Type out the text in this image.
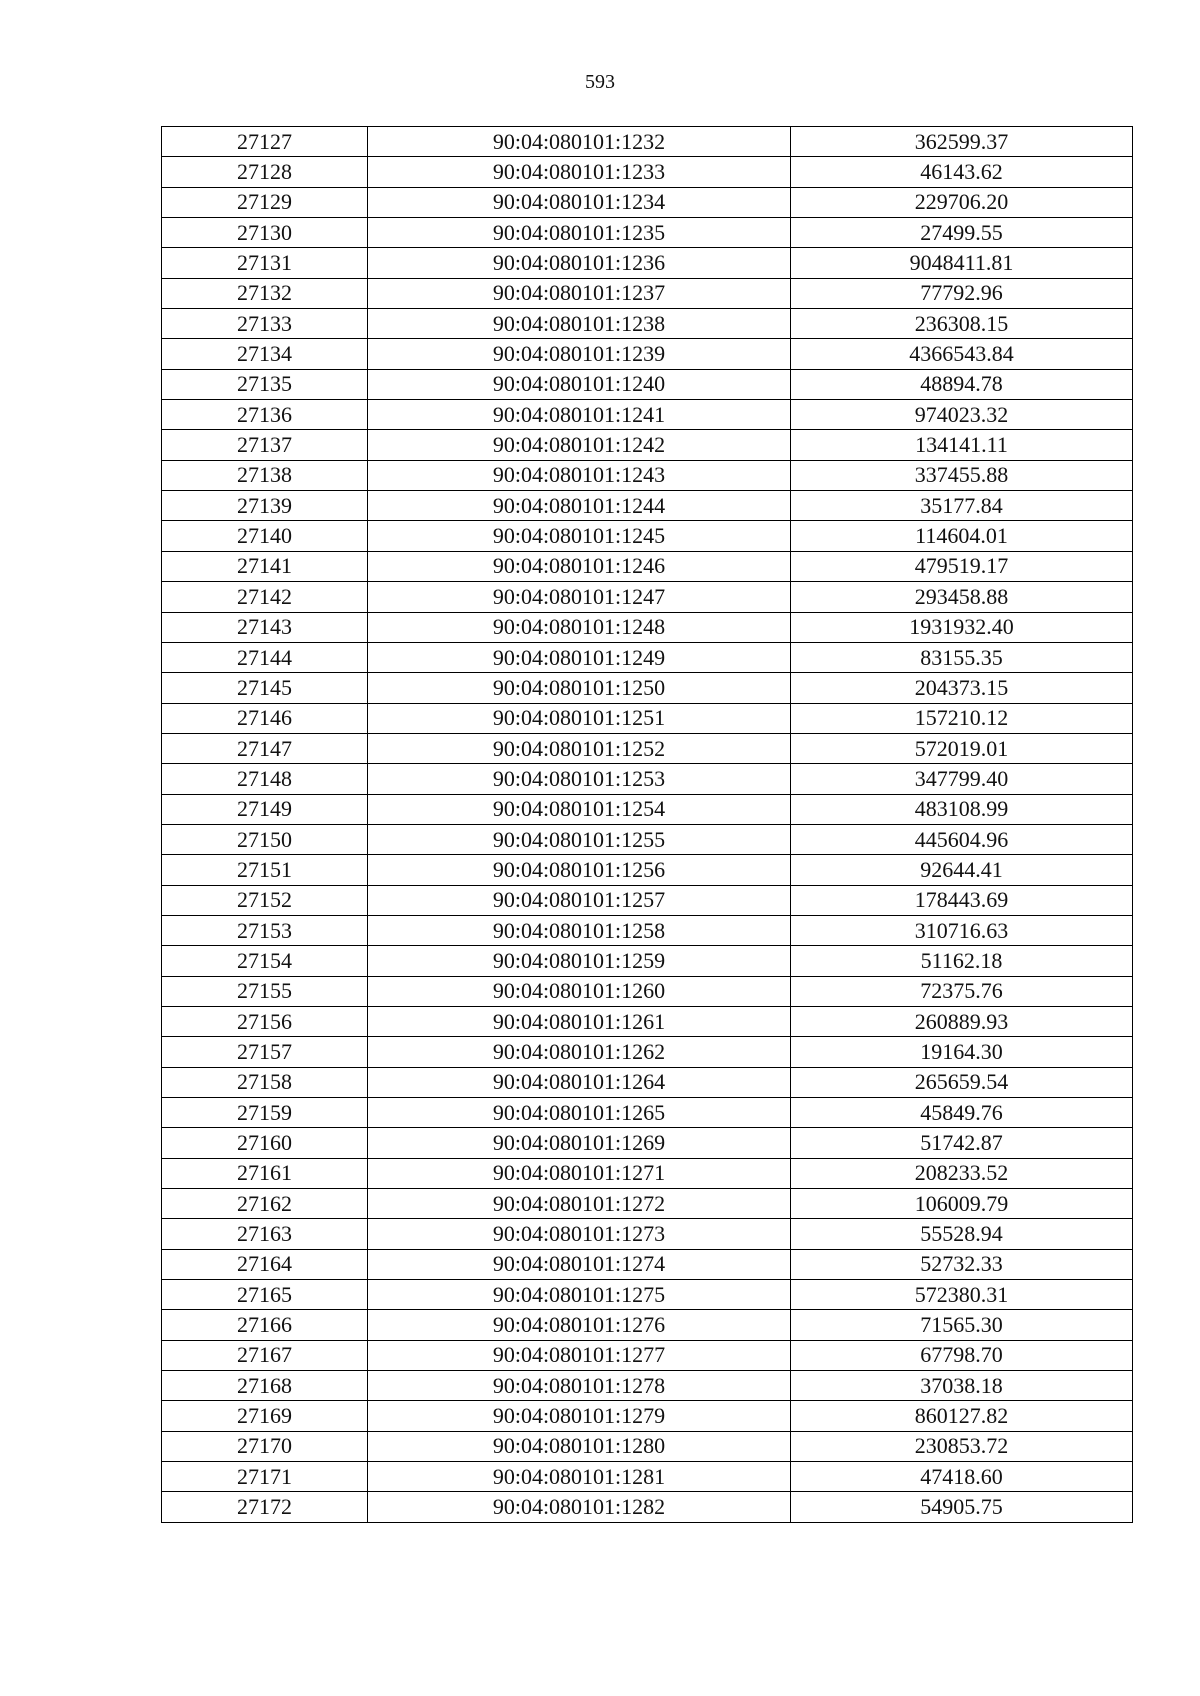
593
27127	90:04:080101:1232	362599.37
27128	90:04:080101:1233	46143.62
27129	90:04:080101:1234	229706.20
27130	90:04:080101:1235	27499.55
27131	90:04:080101:1236	9048411.81
27132	90:04:080101:1237	77792.96
27133	90:04:080101:1238	236308.15
27134	90:04:080101:1239	4366543.84
27135	90:04:080101:1240	48894.78
27136	90:04:080101:1241	974023.32
27137	90:04:080101:1242	134141.11
27138	90:04:080101:1243	337455.88
27139	90:04:080101:1244	35177.84
27140	90:04:080101:1245	114604.01
27141	90:04:080101:1246	479519.17
27142	90:04:080101:1247	293458.88
27143	90:04:080101:1248	1931932.40
27144	90:04:080101:1249	83155.35
27145	90:04:080101:1250	204373.15
27146	90:04:080101:1251	157210.12
27147	90:04:080101:1252	572019.01
27148	90:04:080101:1253	347799.40
27149	90:04:080101:1254	483108.99
27150	90:04:080101:1255	445604.96
27151	90:04:080101:1256	92644.41
27152	90:04:080101:1257	178443.69
27153	90:04:080101:1258	310716.63
27154	90:04:080101:1259	51162.18
27155	90:04:080101:1260	72375.76
27156	90:04:080101:1261	260889.93
27157	90:04:080101:1262	19164.30
27158	90:04:080101:1264	265659.54
27159	90:04:080101:1265	45849.76
27160	90:04:080101:1269	51742.87
27161	90:04:080101:1271	208233.52
27162	90:04:080101:1272	106009.79
27163	90:04:080101:1273	55528.94
27164	90:04:080101:1274	52732.33
27165	90:04:080101:1275	572380.31
27166	90:04:080101:1276	71565.30
27167	90:04:080101:1277	67798.70
27168	90:04:080101:1278	37038.18
27169	90:04:080101:1279	860127.82
27170	90:04:080101:1280	230853.72
27171	90:04:080101:1281	47418.60
27172	90:04:080101:1282	54905.75
